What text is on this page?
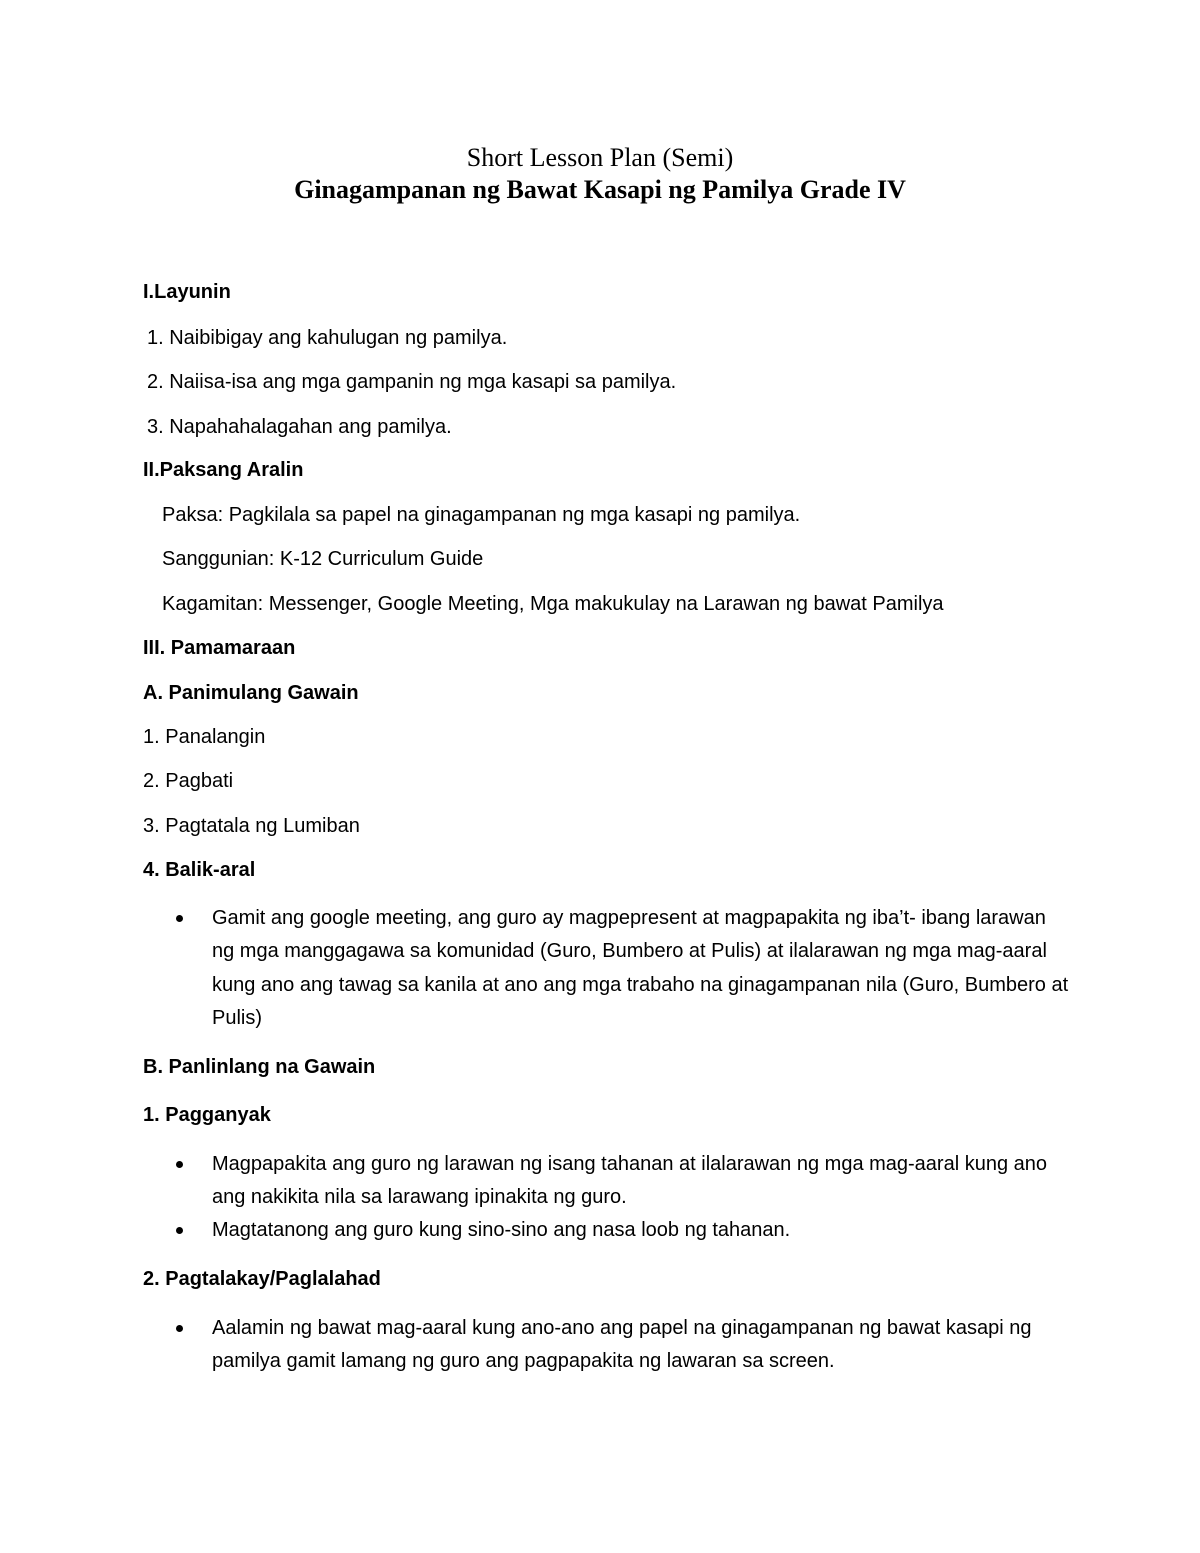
Short Lesson Plan (Semi)
Ginagampanan ng Bawat Kasapi ng Pamilya Grade IV
I.Layunin
1. Naibibigay ang kahulugan ng pamilya.
2. Naiisa-isa ang mga gampanin ng mga kasapi sa pamilya.
3. Napahahalagahan ang pamilya.
II.Paksang Aralin
Paksa: Pagkilala sa papel na ginagampanan ng mga kasapi ng pamilya.
Sanggunian: K-12 Curriculum Guide
Kagamitan: Messenger, Google Meeting, Mga makukulay na Larawan ng bawat Pamilya
III. Pamamaraan
A. Panimulang Gawain
1. Panalangin
2. Pagbati
3. Pagtatala ng Lumiban
4. Balik-aral
Gamit ang google meeting, ang guro ay magpepresent at magpapakita ng iba’t- ibang larawan ng mga manggagawa sa komunidad (Guro, Bumbero at Pulis) at ilalarawan ng mga mag-aaral kung ano ang tawag sa kanila at ano ang mga trabaho na ginagampanan nila (Guro, Bumbero at Pulis)
B. Panlinlang na Gawain
1. Pagganyak
Magpapakita ang guro ng larawan ng isang tahanan at ilalarawan ng mga mag-aaral kung ano ang nakikita nila sa larawang ipinakita ng guro.
Magtatanong ang guro kung sino-sino ang nasa loob ng tahanan.
2. Pagtalakay/Paglalahad
Aalamin ng bawat mag-aaral kung ano-ano ang papel na ginagampanan ng bawat kasapi ng pamilya gamit lamang ng guro ang pagpapakita ng lawaran sa screen.
